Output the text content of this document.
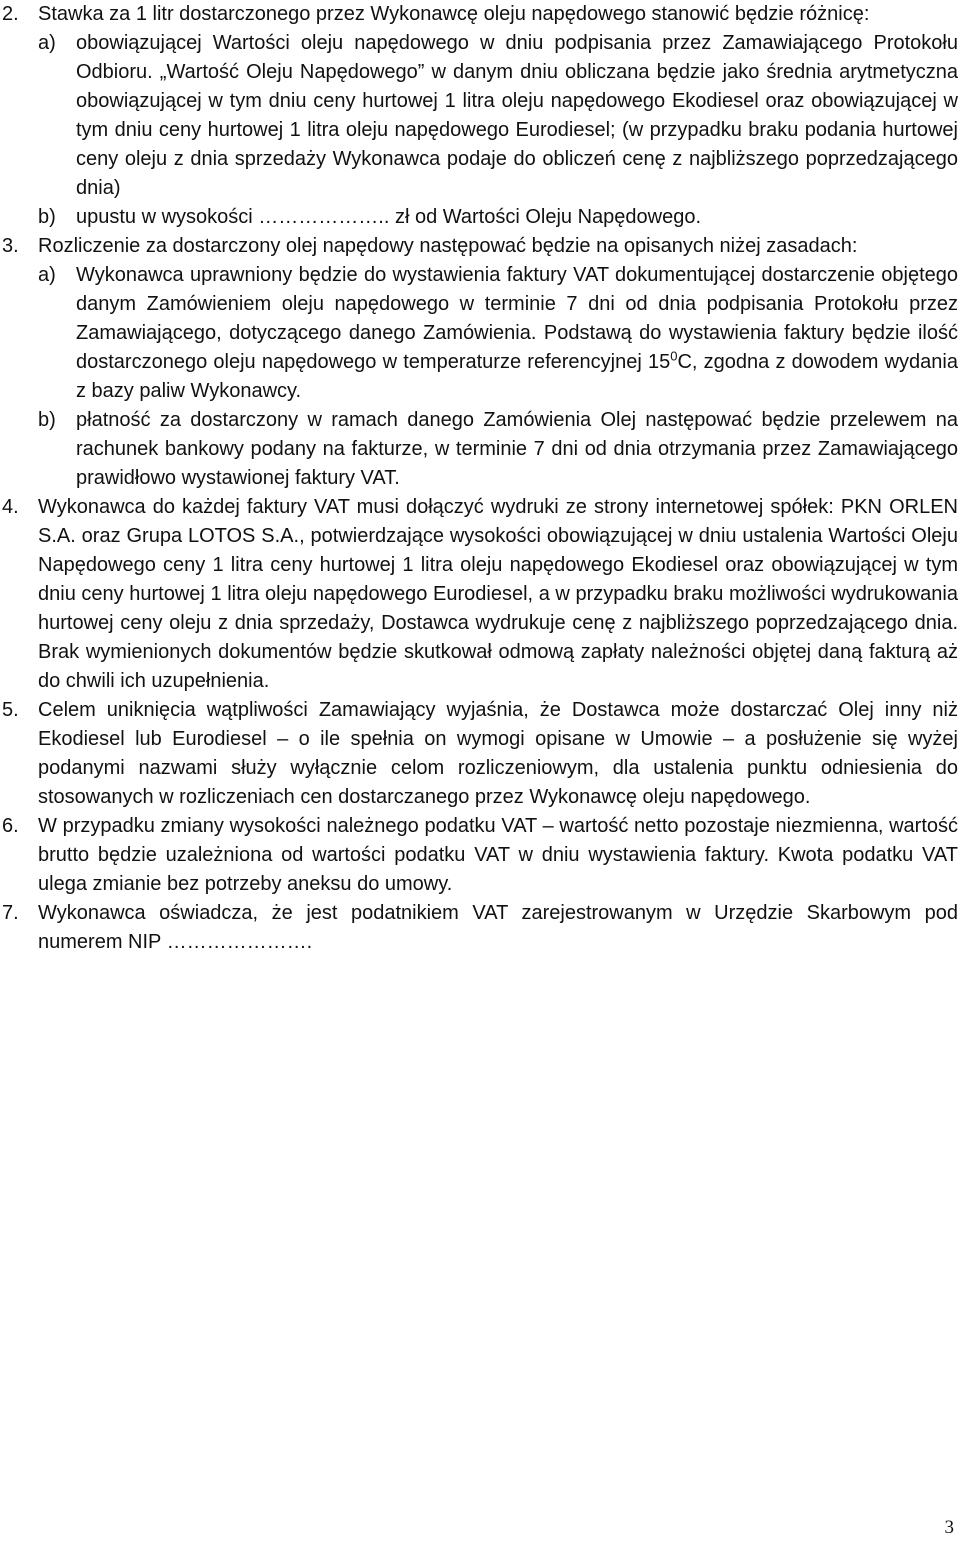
2. Stawka za 1 litr dostarczonego przez Wykonawcę oleju napędowego stanowić będzie różnicę:

a)	obowiązującej Wartości oleju napędowego w dniu podpisania przez Zamawiającego Protokołu Odbioru. „Wartość Oleju Napędowego” w danym dniu obliczana będzie jako średnia arytmetyczna obowiązującej w tym dniu ceny hurtowej 1 litra oleju napędowego Ekodiesel oraz obowiązującej w tym dniu ceny hurtowej 1 litra oleju napędowego Eurodiesel; (w przypadku braku podania hurtowej ceny oleju z dnia sprzedaży Wykonawca podaje do obliczeń cenę z najbliższego poprzedzającego dnia)

b)	upustu w wysokości ……………….. zł od Wartości Oleju Napędowego.

3. Rozliczenie za dostarczony olej napędowy następować będzie na opisanych niżej zasadach:

a)	Wykonawca uprawniony będzie do wystawienia faktury VAT dokumentującej dostarczenie objętego danym Zamówieniem oleju napędowego w terminie 7 dni od dnia podpisania Protokołu przez Zamawiającego, dotyczącego danego Zamówienia. Podstawą do wystawienia faktury będzie ilość dostarczonego oleju napędowego w temperaturze referencyjnej $15^0C$, zgodna z dowodem wydania z bazy paliw Wykonawcy.

b)	płatność za dostarczony w ramach danego Zamówienia Olej następować będzie przelewem na rachunek bankowy podany na fakturze, w terminie 7 dni od dnia otrzymania przez Zamawiającego prawidłowo wystawionej faktury VAT.

4. Wykonawca do każdej faktury VAT musi dołączyć wydruki ze strony internetowej spółek: PKN ORLEN S.A. oraz Grupa LOTOS S.A., potwierdzające wysokości obowiązującej w dniu ustalenia Wartości Oleju Napędowego ceny 1 litra ceny hurtowej 1 litra oleju napędowego Ekodiesel oraz obowiązującej w tym dniu ceny hurtowej 1 litra oleju napędowego Eurodiesel, a w przypadku braku możliwości wydrukowania hurtowej ceny oleju z dnia sprzedaży, Dostawca wydrukuje cenę z najbliższego poprzedzającego dnia. Brak wymienionych dokumentów będzie skutkował odmową zapłaty należności objętej daną fakturą aż do chwili ich uzupełnienia.

5. Celem uniknięcia wątpliwości Zamawiający wyjaśnia, że Dostawca może dostarczać Olej inny niż Ekodiesel lub Eurodiesel – o ile spełnia on wymogi opisane w Umowie – a posłużenie się wyżej podanymi nazwami służy wyłącznie celom rozliczeniowym, dla ustalenia punktu odniesienia do stosowanych w rozliczeniach cen dostarczanego przez Wykonawcę oleju napędowego.

6. W przypadku zmiany wysokości należnego podatku VAT – wartość netto pozostaje niezmienna, wartość brutto będzie uzależniona od wartości podatku VAT w dniu wystawienia faktury. Kwota podatku VAT ulega zmianie bez potrzeby aneksu do umowy.

7. Wykonawca oświadcza, że jest podatnikiem VAT zarejestrowanym w Urzędzie Skarbowym pod numerem NIP ………………….

3
